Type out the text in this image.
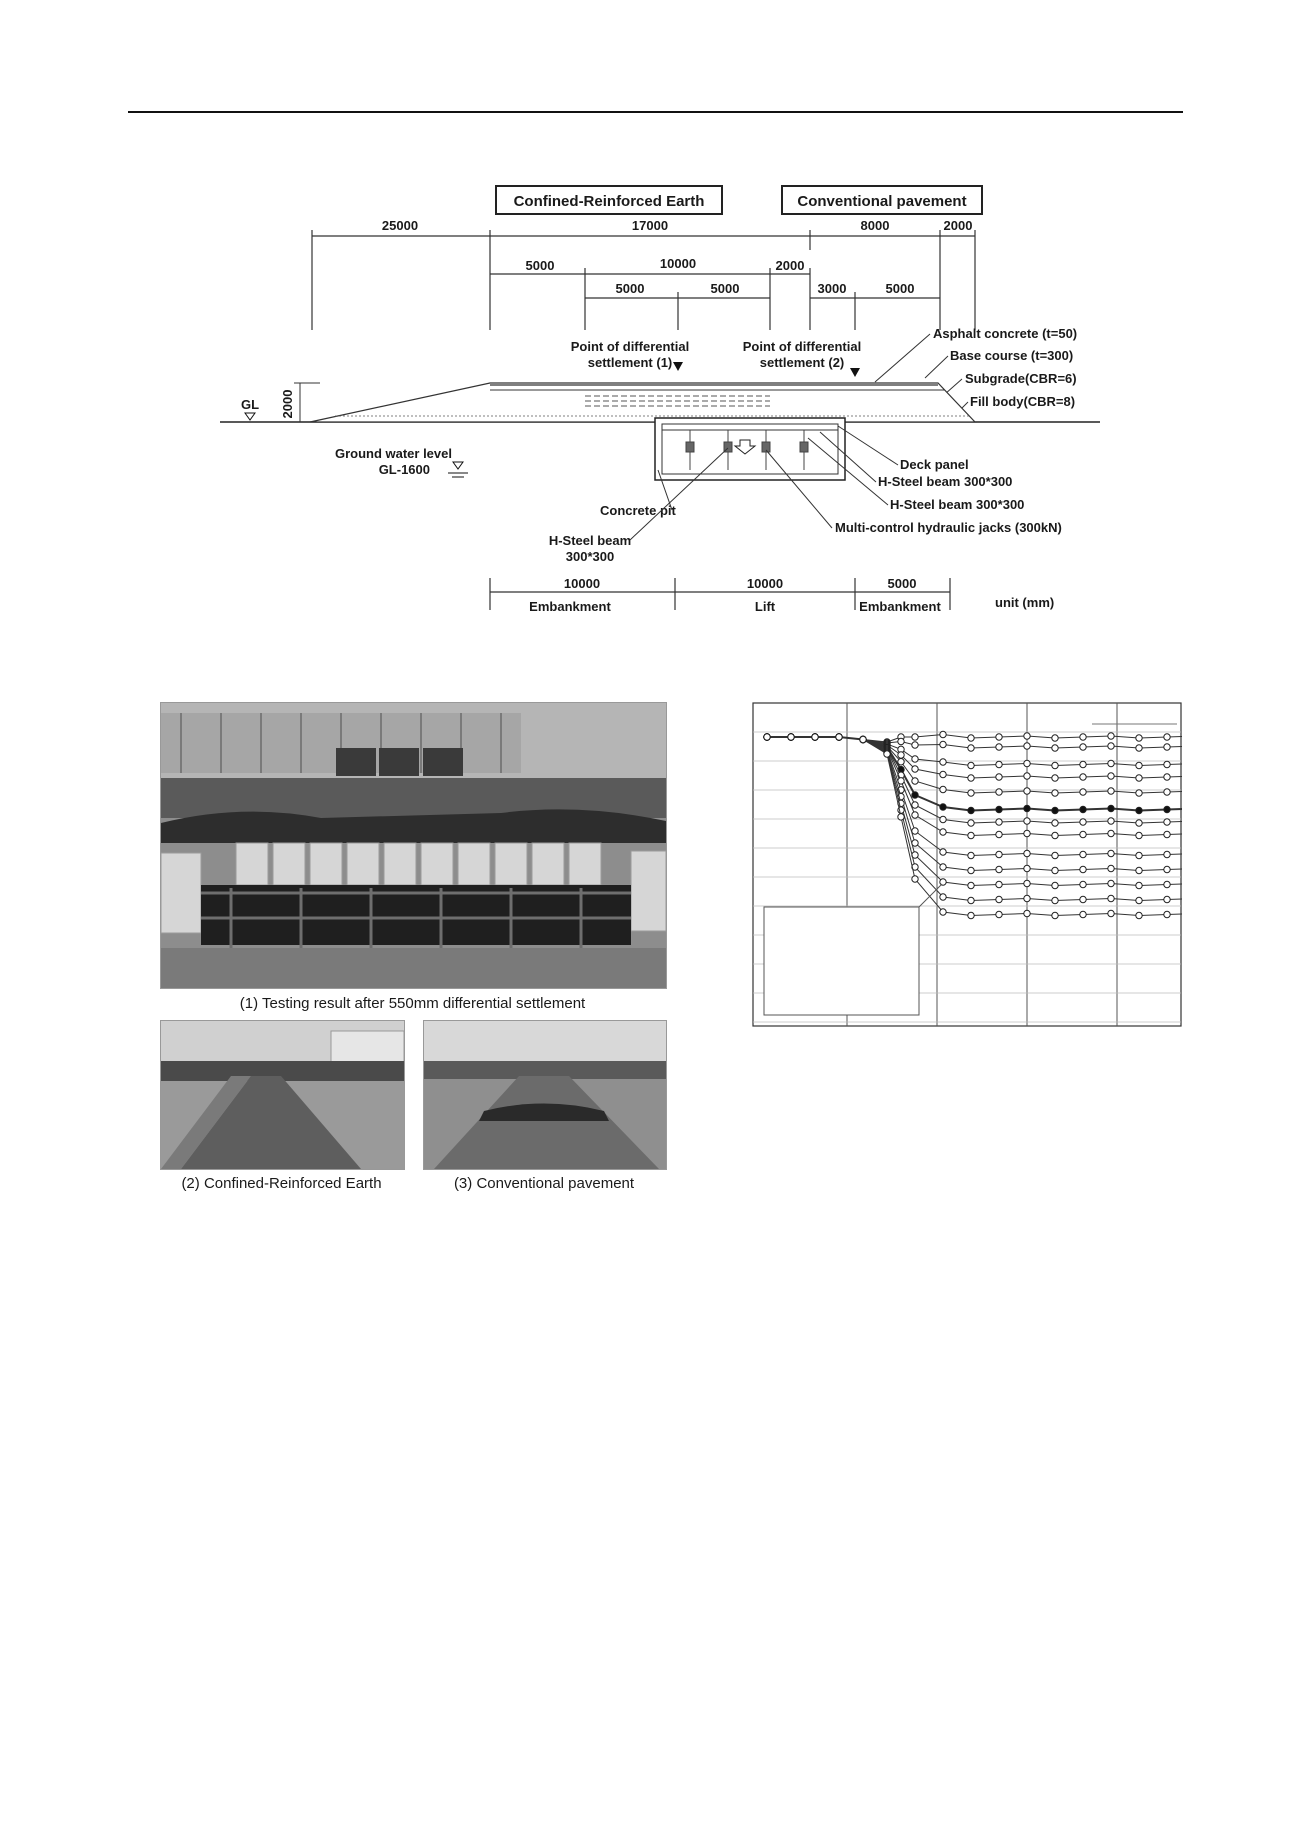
Confined-Reinforced Earth	Conventional pavement
25000	17000	8000	2000
5000	10000	2000
5000	5000	3000	5000
Point of differential
settlement (1)
Point of differential
settlement (2)
Asphalt concrete (t=50)
Base course (t=300)
Subgrade(CBR=6)
Fill body(CBR=8)
GL 2000
Ground water level
GL-1600	Deck panel
H-Steel beam 300*300
H-Steel beam 300*300
Multi-control hydraulic jacks (300kN)
Concrete pit
H-Steel beam
300*300
10000	10000	5000
Embankment	Lift	Embankment	unit (mm)
(1) Testing result after 550mm differential settlement
(2) Confined-Reinforced Earth	(3) Conventional pavement
